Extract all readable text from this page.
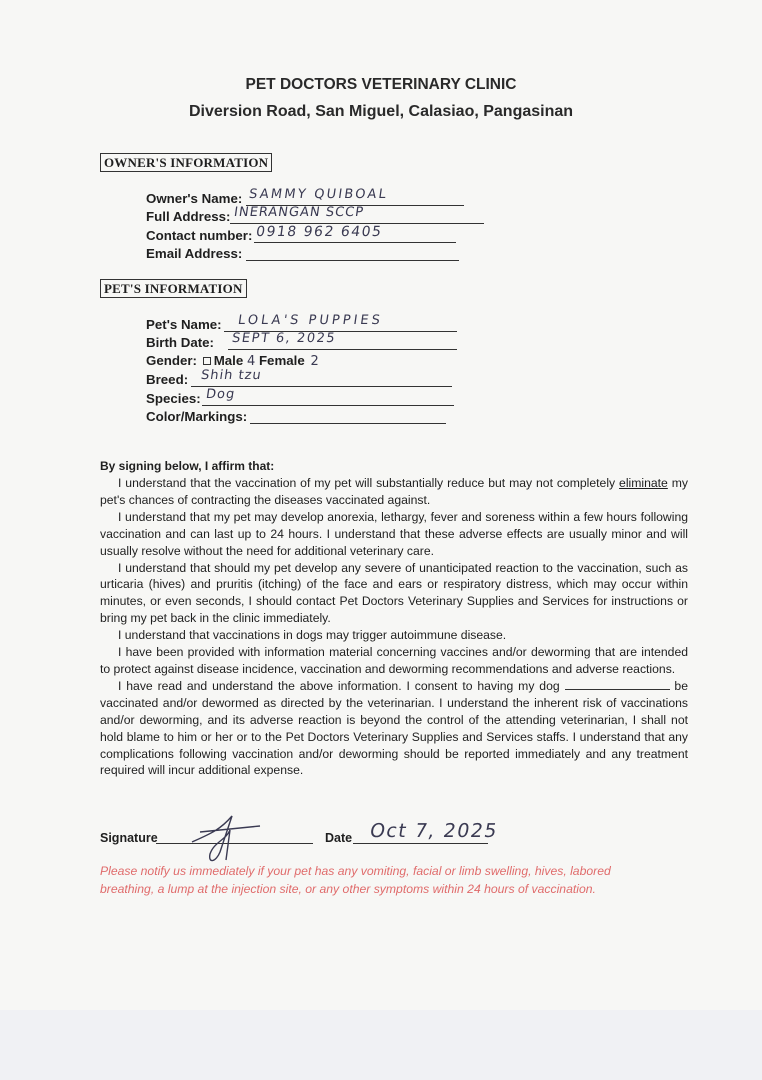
PET DOCTORS VETERINARY CLINIC
Diversion Road, San Miguel, Calasiao, Pangasinan
OWNER'S INFORMATION
Owner's Name: SAMMY QUIBOAL
Full Address: INERANGAN SCCP
Contact number: 0918 962 6405
Email Address:
PET'S INFORMATION
Pet's Name: LOLA'S PUPPIES
Birth Date: SEPT 6, 2025
Gender: Male 4 Female 2
Breed: Shih tzu
Species: Dog
Color/Markings:
By signing below, I affirm that:

I understand that the vaccination of my pet will substantially reduce but may not completely eliminate my pet's chances of contracting the diseases vaccinated against.

I understand that my pet may develop anorexia, lethargy, fever and soreness within a few hours following vaccination and can last up to 24 hours. I understand that these adverse effects are usually minor and will usually resolve without the need for additional veterinary care.

I understand that should my pet develop any severe of unanticipated reaction to the vaccination, such as urticaria (hives) and pruritis (itching) of the face and ears or respiratory distress, which may occur within minutes, or even seconds, I should contact Pet Doctors Veterinary Supplies and Services for instructions or bring my pet back in the clinic immediately.

I understand that vaccinations in dogs may trigger autoimmune disease.

I have been provided with information material concerning vaccines and/or deworming that are intended to protect against disease incidence, vaccination and deworming recommendations and adverse reactions.

I have read and understand the above information. I consent to having my dog	be vaccinated and/or dewormed as directed by the veterinarian. I understand the inherent risk of vaccinations and/or deworming, and its adverse reaction is beyond the control of the attending veterinarian, I shall not hold blame to him or her or to the Pet Doctors Veterinary Supplies and Services staffs. I understand that any complications following vaccination and/or deworming should be reported immediately and any treatment required will incur additional expense.

Signature	Date Oct 7, 2025
Please notify us immediately if your pet has any vomiting, facial or limb swelling, hives, labored breathing, a lump at the injection site, or any other symptoms within 24 hours of vaccination.
